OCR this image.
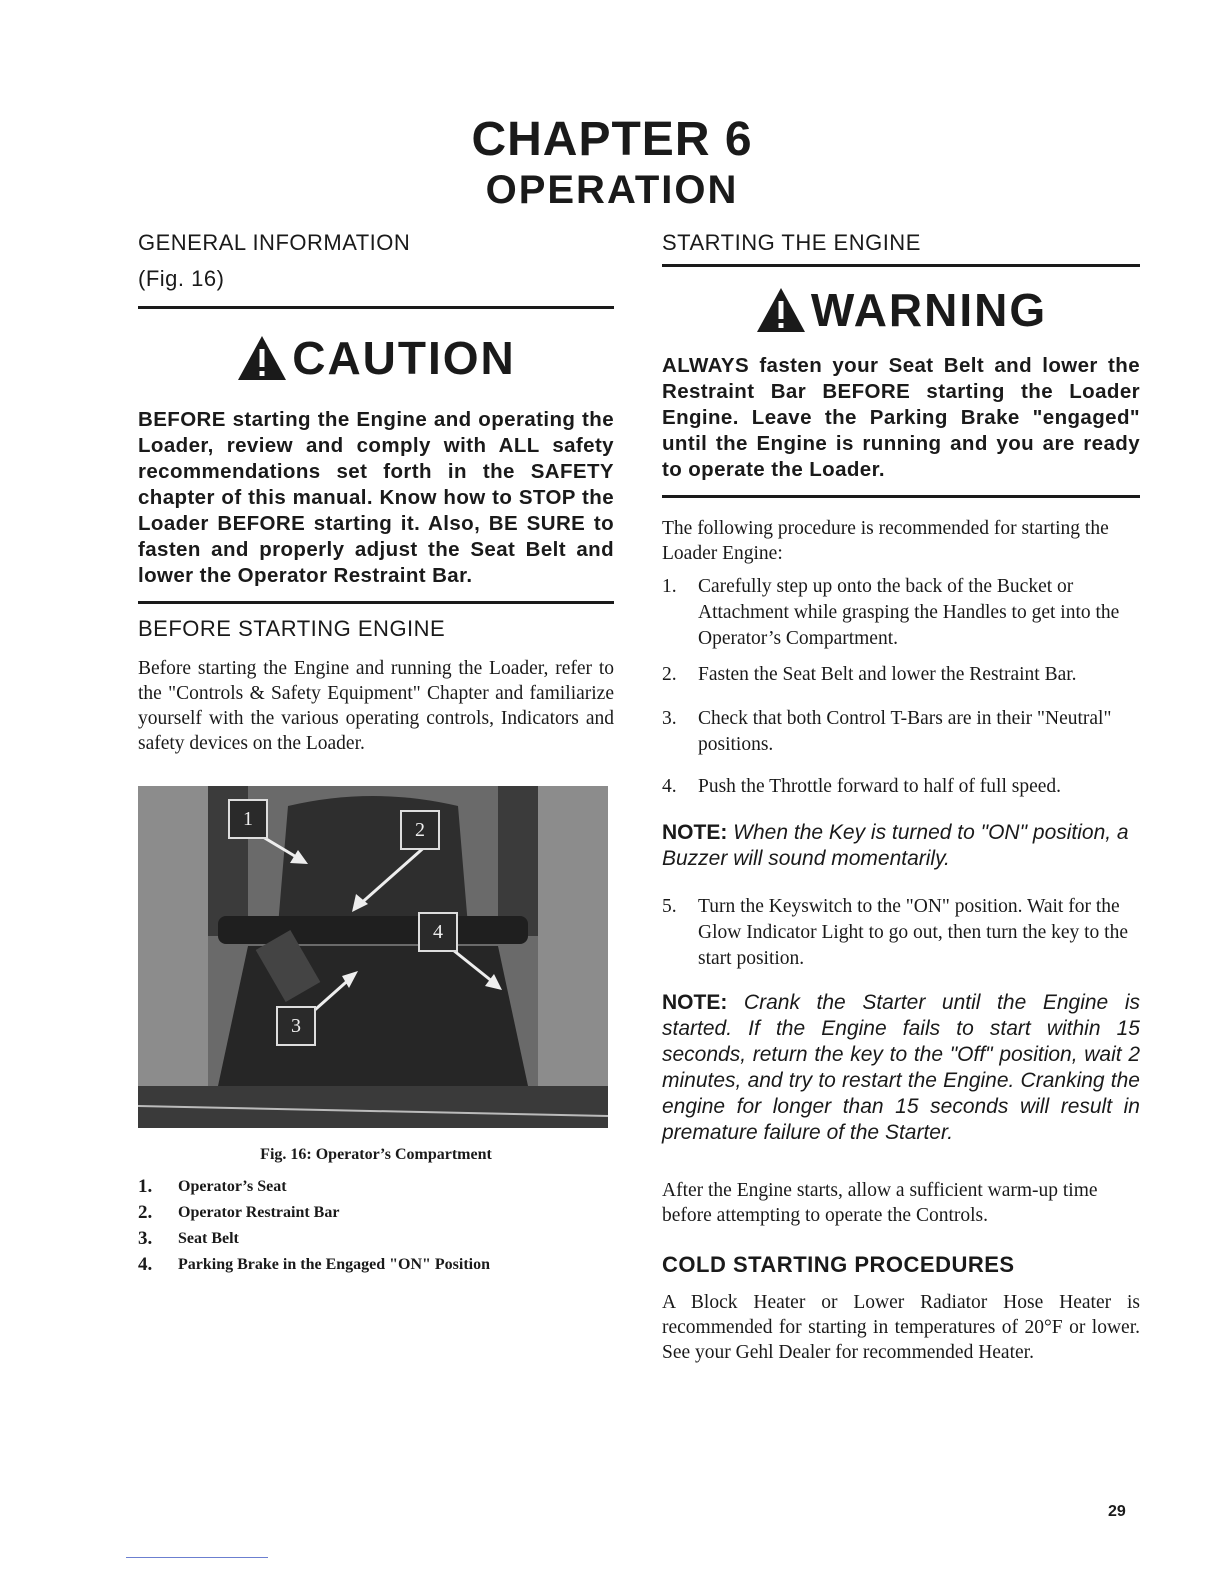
CHAPTER 6
OPERATION
GENERAL INFORMATION
(Fig. 16)
CAUTION

BEFORE starting the Engine and operating the Loader, review and comply with ALL safety recommendations set forth in the SAFETY chapter of this manual. Know how to STOP the Loader BEFORE starting it. Also, BE SURE to fasten and properly adjust the Seat Belt and lower the Operator Restraint Bar.

BEFORE STARTING ENGINE

Before starting the Engine and running the Loader, refer to the "Controls & Safety Equipment" Chapter and familiarize yourself with the various operating controls, Indicators and safety devices on the Loader.

1	2
3
4
Fig. 16: Operator’s Compartment
1.	Operator’s Seat
2.	Operator Restraint Bar
3.	Seat Belt
4.	Parking Brake in the Engaged "ON" Position
STARTING THE ENGINE
WARNING

ALWAYS fasten your Seat Belt and lower the Restraint Bar BEFORE starting the Loader Engine. Leave the Parking Brake "engaged" until the Engine is running and you are ready to operate the Loader.

The following procedure is recommended for starting the Loader Engine:

1.	Carefully step up onto the back of the Bucket or Attachment while grasping the Handles to get into the Operator’s Compartment.
2.	Fasten the Seat Belt and lower the Restraint Bar.
3.	Check that both Control T-Bars are in their "Neutral" positions.
4.	Push the Throttle forward to half of full speed.

NOTE: When the Key is turned to "ON" position, a Buzzer will sound momentarily.

5.	Turn the Keyswitch to the "ON" position. Wait for the Glow Indicator Light to go out, then turn the key to the start position.

NOTE: Crank the Starter until the Engine is started. If the Engine fails to start within 15 seconds, return the key to the "Off" position, wait 2 minutes, and try to restart the Engine. Cranking the engine for longer than 15 seconds will result in premature failure of the Starter.

After the Engine starts, allow a sufficient warm-up time before attempting to operate the Controls.

COLD STARTING PROCEDURES

A Block Heater or Lower Radiator Hose Heater is recommended for starting in temperatures of 20°F or lower. See your Gehl Dealer for recommended Heater.

29
